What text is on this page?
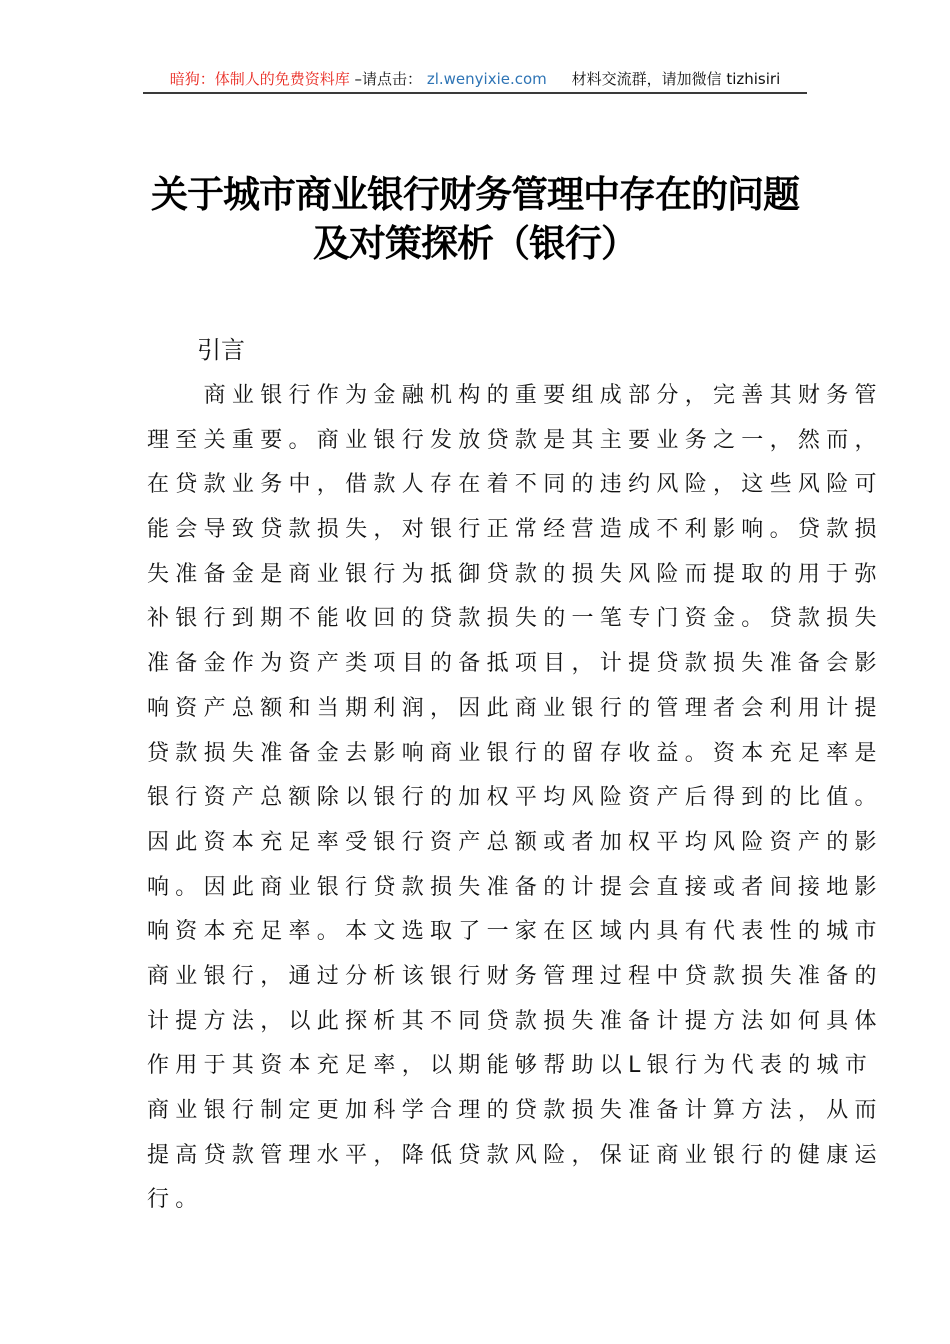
暗狗：体制人的免费资料库 –请点击： zl.wenyixie.com 材料交流群，请加微信 tizhisiri
关于城市商业银行财务管理中存在的问题
及对策探析（银行）
引言
　　商业银行作为金融机构的重要组成部分，完善其财务管
理至关重要。商业银行发放贷款是其主要业务之一，然而，
在贷款业务中，借款人存在着不同的违约风险，这些风险可
能会导致贷款损失，对银行正常经营造成不利影响。贷款损
失准备金是商业银行为抵御贷款的损失风险而提取的用于弥
补银行到期不能收回的贷款损失的一笔专门资金。贷款损失
准备金作为资产类项目的备抵项目，计提贷款损失准备会影
响资产总额和当期利润，因此商业银行的管理者会利用计提
贷款损失准备金去影响商业银行的留存收益。资本充足率是
银行资产总额除以银行的加权平均风险资产后得到的比值。
因此资本充足率受银行资产总额或者加权平均风险资产的影
响。因此商业银行贷款损失准备的计提会直接或者间接地影
响资本充足率。本文选取了一家在区域内具有代表性的城市
商业银行，通过分析该银行财务管理过程中贷款损失准备的
计提方法，以此探析其不同贷款损失准备计提方法如何具体
作用于其资本充足率，以期能够帮助以L银行为代表的城市
商业银行制定更加科学合理的贷款损失准备计算方法，从而
提高贷款管理水平，降低贷款风险，保证商业银行的健康运
行。
